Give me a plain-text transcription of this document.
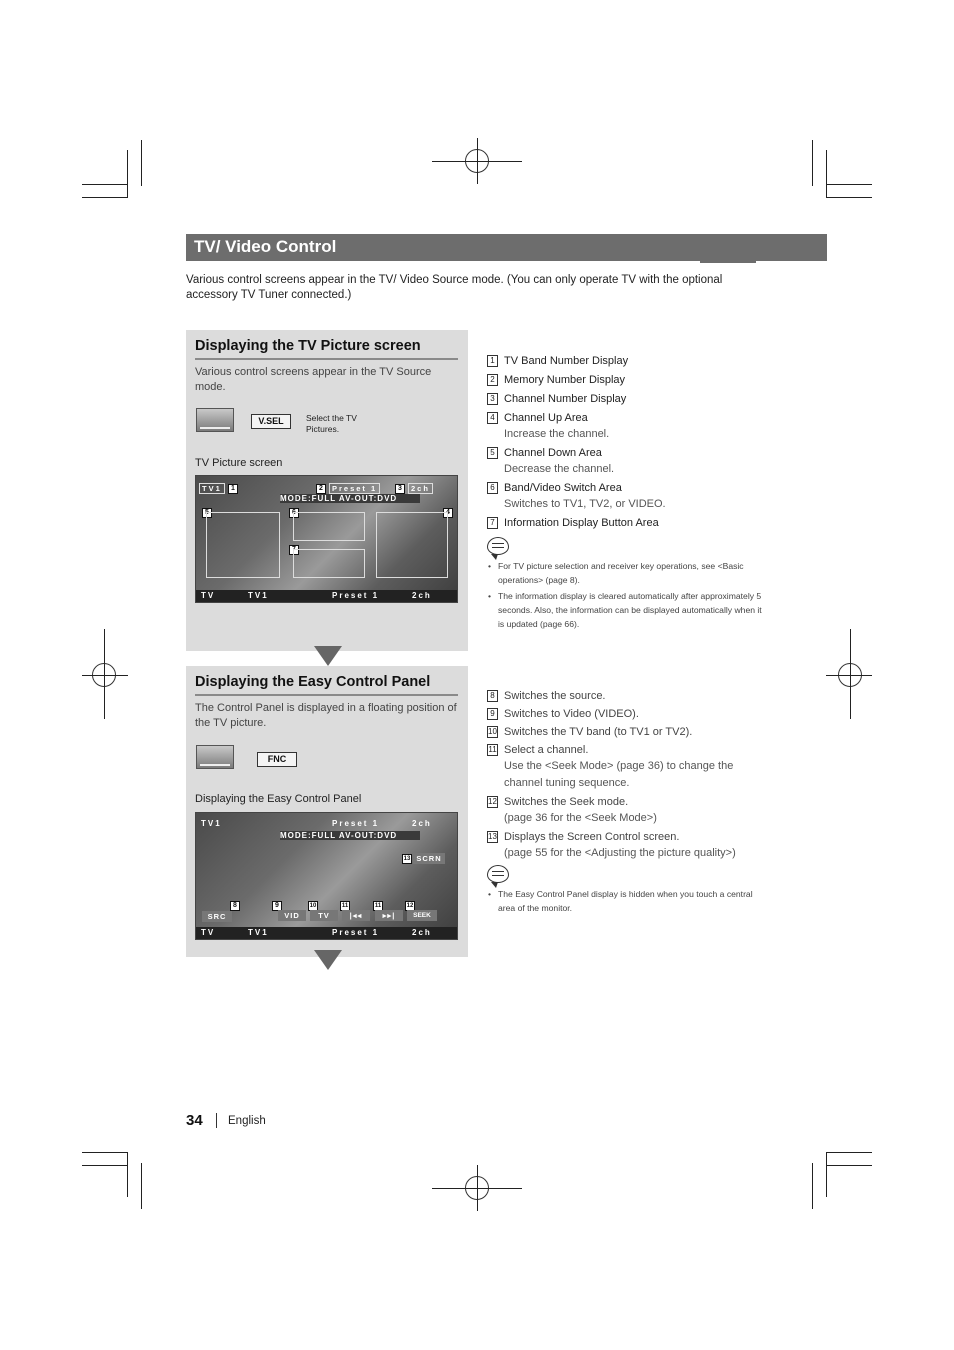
TV/ Video Control
Various control screens appear in the TV/ Video Source mode. (You can only operate TV with the optional accessory TV Tuner connected.)
Displaying the TV Picture screen
Various control screens appear in the TV Source mode.
V.SEL	Select the TV Pictures.
TV Picture screen
TV1	1	2	Preset 1	3	2ch
MODE:FULL AV-OUT:DVD
5	6
7
4
TV	TV1	Preset 1	2ch
Displaying the Easy Control Panel
The Control Panel is displayed in a floating position of the TV picture.
FNC
Displaying the Easy Control Panel
TV1	Preset 1	2ch
MODE:FULL AV-OUT:DVD
13 SCRN
8
SRC
9
VID
10
TV
11
|◂◂
11
▸▸|
12
SEEK
TV	TV1	Preset 1	2ch
1 TV Band Number Display
2 Memory Number Display
3 Channel Number Display
4 Channel Up Area
Increase the channel.
5 Channel Down Area
Decrease the channel.
6 Band/Video Switch Area
Switches to TV1, TV2, or VIDEO.
7 Information Display Button Area
• For TV picture selection and receiver key operations, see <Basic operations> (page 8).
• The information display is cleared automatically after approximately 5 seconds. Also, the information can be displayed automatically when it is updated (page 66).
8 Switches the source.
9 Switches to Video (VIDEO).
10 Switches the TV band (to TV1 or TV2).
11 Select a channel.
Use the <Seek Mode> (page 36) to change the
channel tuning sequence.
12 Switches the Seek mode.
(page 36 for the <Seek Mode>)
13 Displays the Screen Control screen.
(page 55 for the <Adjusting the picture quality>)
• The Easy Control Panel display is hidden when you touch a central area of the monitor.
34 English
